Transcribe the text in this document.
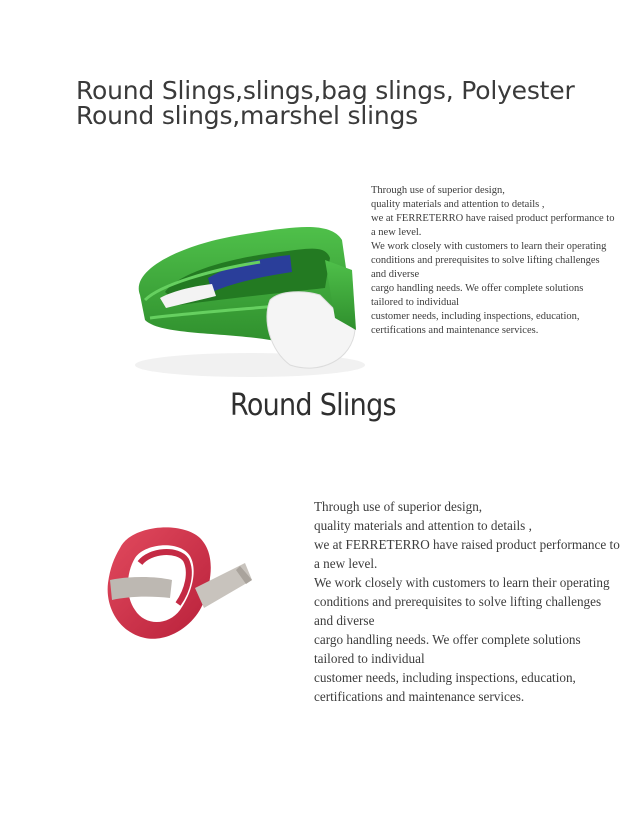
Round Slings,slings,bag slings, Polyester Round slings,marshel slings
Through use of superior design,
quality materials and attention to details ,
we at FERRETERRO have raised product performance to
a new level.
We work closely with customers to learn their operating
conditions and prerequisites to solve lifting challenges
and diverse
cargo handling needs. We offer complete solutions
tailored to individual
customer needs, including inspections, education,
certifications and maintenance services.
Round Slings
Through use of superior design,
quality materials and attention to details ,
we at FERRETERRO have raised product performance to
a new level.
We work closely with customers to learn their operating
conditions and prerequisites to solve lifting challenges
and diverse
cargo handling needs. We offer complete solutions
tailored to individual
customer needs, including inspections, education,
certifications and maintenance services.
